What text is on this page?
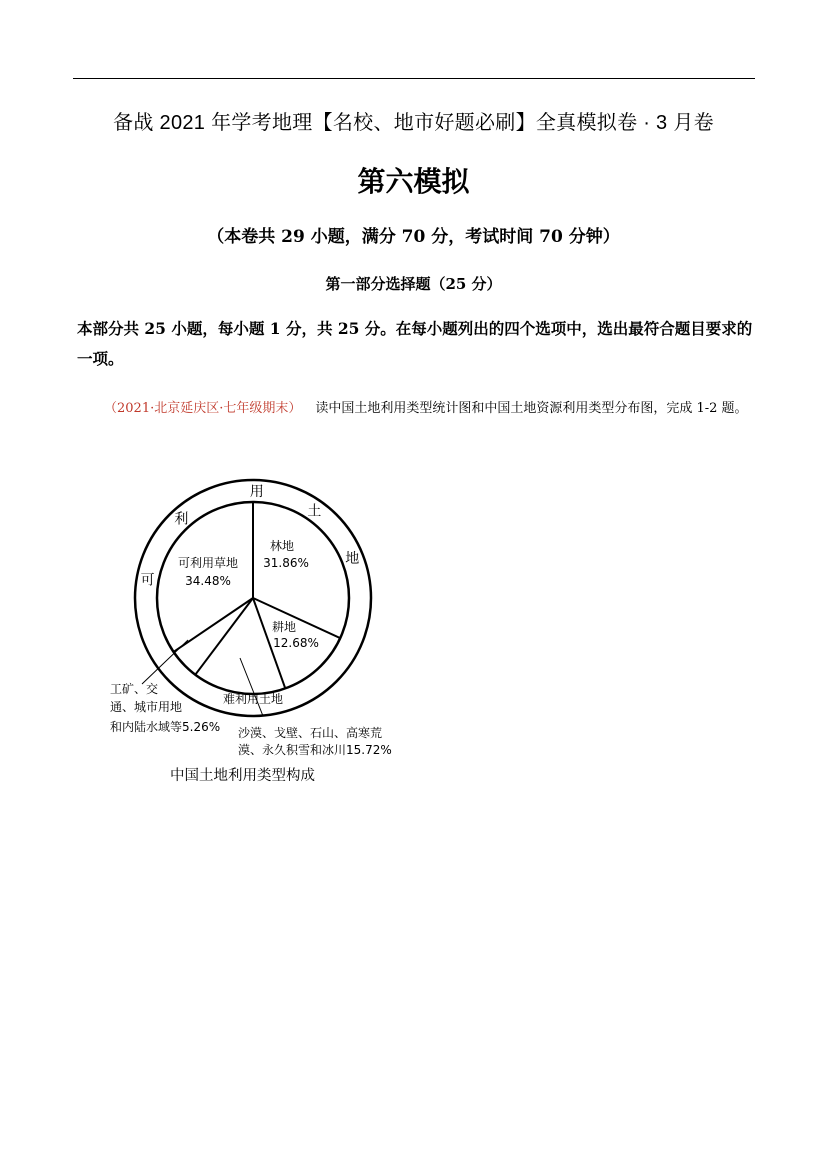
备战 2021 年学考地理【名校、地市好题必刷】全真模拟卷 · 3 月卷
第六模拟
（本卷共 29 小题，满分 70 分，考试时间 70 分钟）
第一部分选择题（25 分）
本部分共 25 小题，每小题 1 分，共 25 分。在每小题列出的四个选项中，选出最符合题目要求的一项。
（2021·北京延庆区·七年级期末） 读中国土地利用类型统计图和中国土地资源利用类型分布图，完成 1-2 题。
可
利
用
土
地
林地
31.86%
可利用草地
34.48%
耕地
12.68%
难利用土地
工矿、交
通、城市用地
和内陆水域等5.26% 沙漠、戈壁、石山、高寒荒
漠、永久积雪和冰川15.72%
中国土地利用类型构成
